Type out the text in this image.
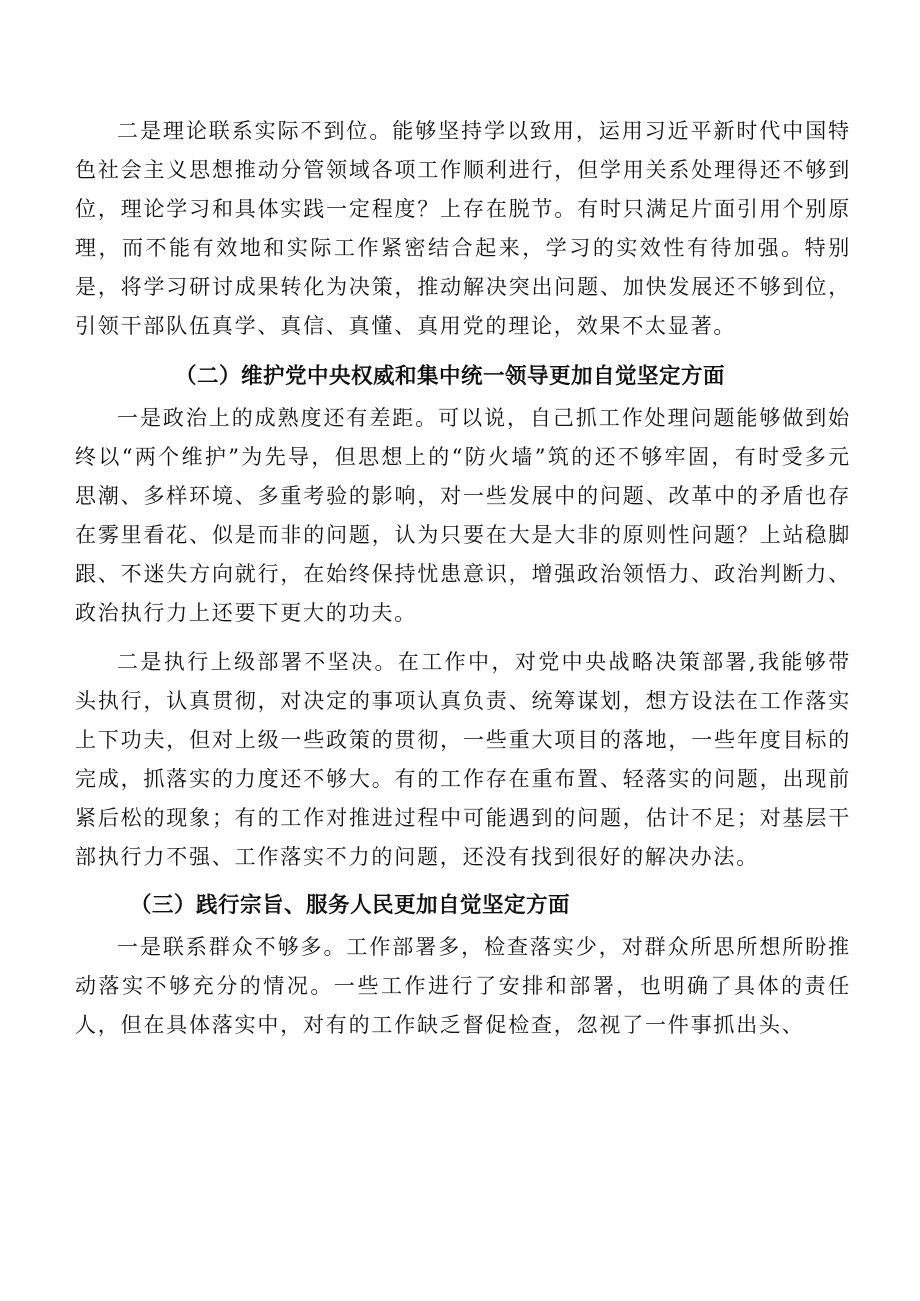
二是理论联系实际不到位。能够坚持学以致用，运用习近平新时代中国特色社会主义思想推动分管领域各项工作顺利进行，但学用关系处理得还不够到位，理论学习和具体实践一定程度？上存在脱节。有时只满足片面引用个别原理，而不能有效地和实际工作紧密结合起来，学习的实效性有待加强。特别是，将学习研讨成果转化为决策，推动解决突出问题、加快发展还不够到位，引领干部队伍真学、真信、真懂、真用党的理论，效果不太显著。

（二）维护党中央权威和集中统一领导更加自觉坚定方面

一是政治上的成熟度还有差距。可以说，自己抓工作处理问题能够做到始终以“两个维护”为先导，但思想上的“防火墙”筑的还不够牢固，有时受多元思潮、多样环境、多重考验的影响，对一些发展中的问题、改革中的矛盾也存在雾里看花、似是而非的问题，认为只要在大是大非的原则性问题？上站稳脚跟、不迷失方向就行，在始终保持忧患意识，增强政治领悟力、政治判断力、政治执行力上还要下更大的功夫。

二是执行上级部署不坚决。在工作中，对党中央战略决策部署,我能够带头执行，认真贯彻，对决定的事项认真负责、统筹谋划，想方设法在工作落实上下功夫，但对上级一些政策的贯彻，一些重大项目的落地，一些年度目标的完成，抓落实的力度还不够大。有的工作存在重布置、轻落实的问题，出现前紧后松的现象；有的工作对推进过程中可能遇到的问题，估计不足；对基层干部执行力不强、工作落实不力的问题，还没有找到很好的解决办法。

（三）践行宗旨、服务人民更加自觉坚定方面

一是联系群众不够多。工作部署多，检查落实少，对群众所思所想所盼推动落实不够充分的情况。一些工作进行了安排和部署，也明确了具体的责任人，但在具体落实中，对有的工作缺乏督促检查，忽视了一件事抓出头、
